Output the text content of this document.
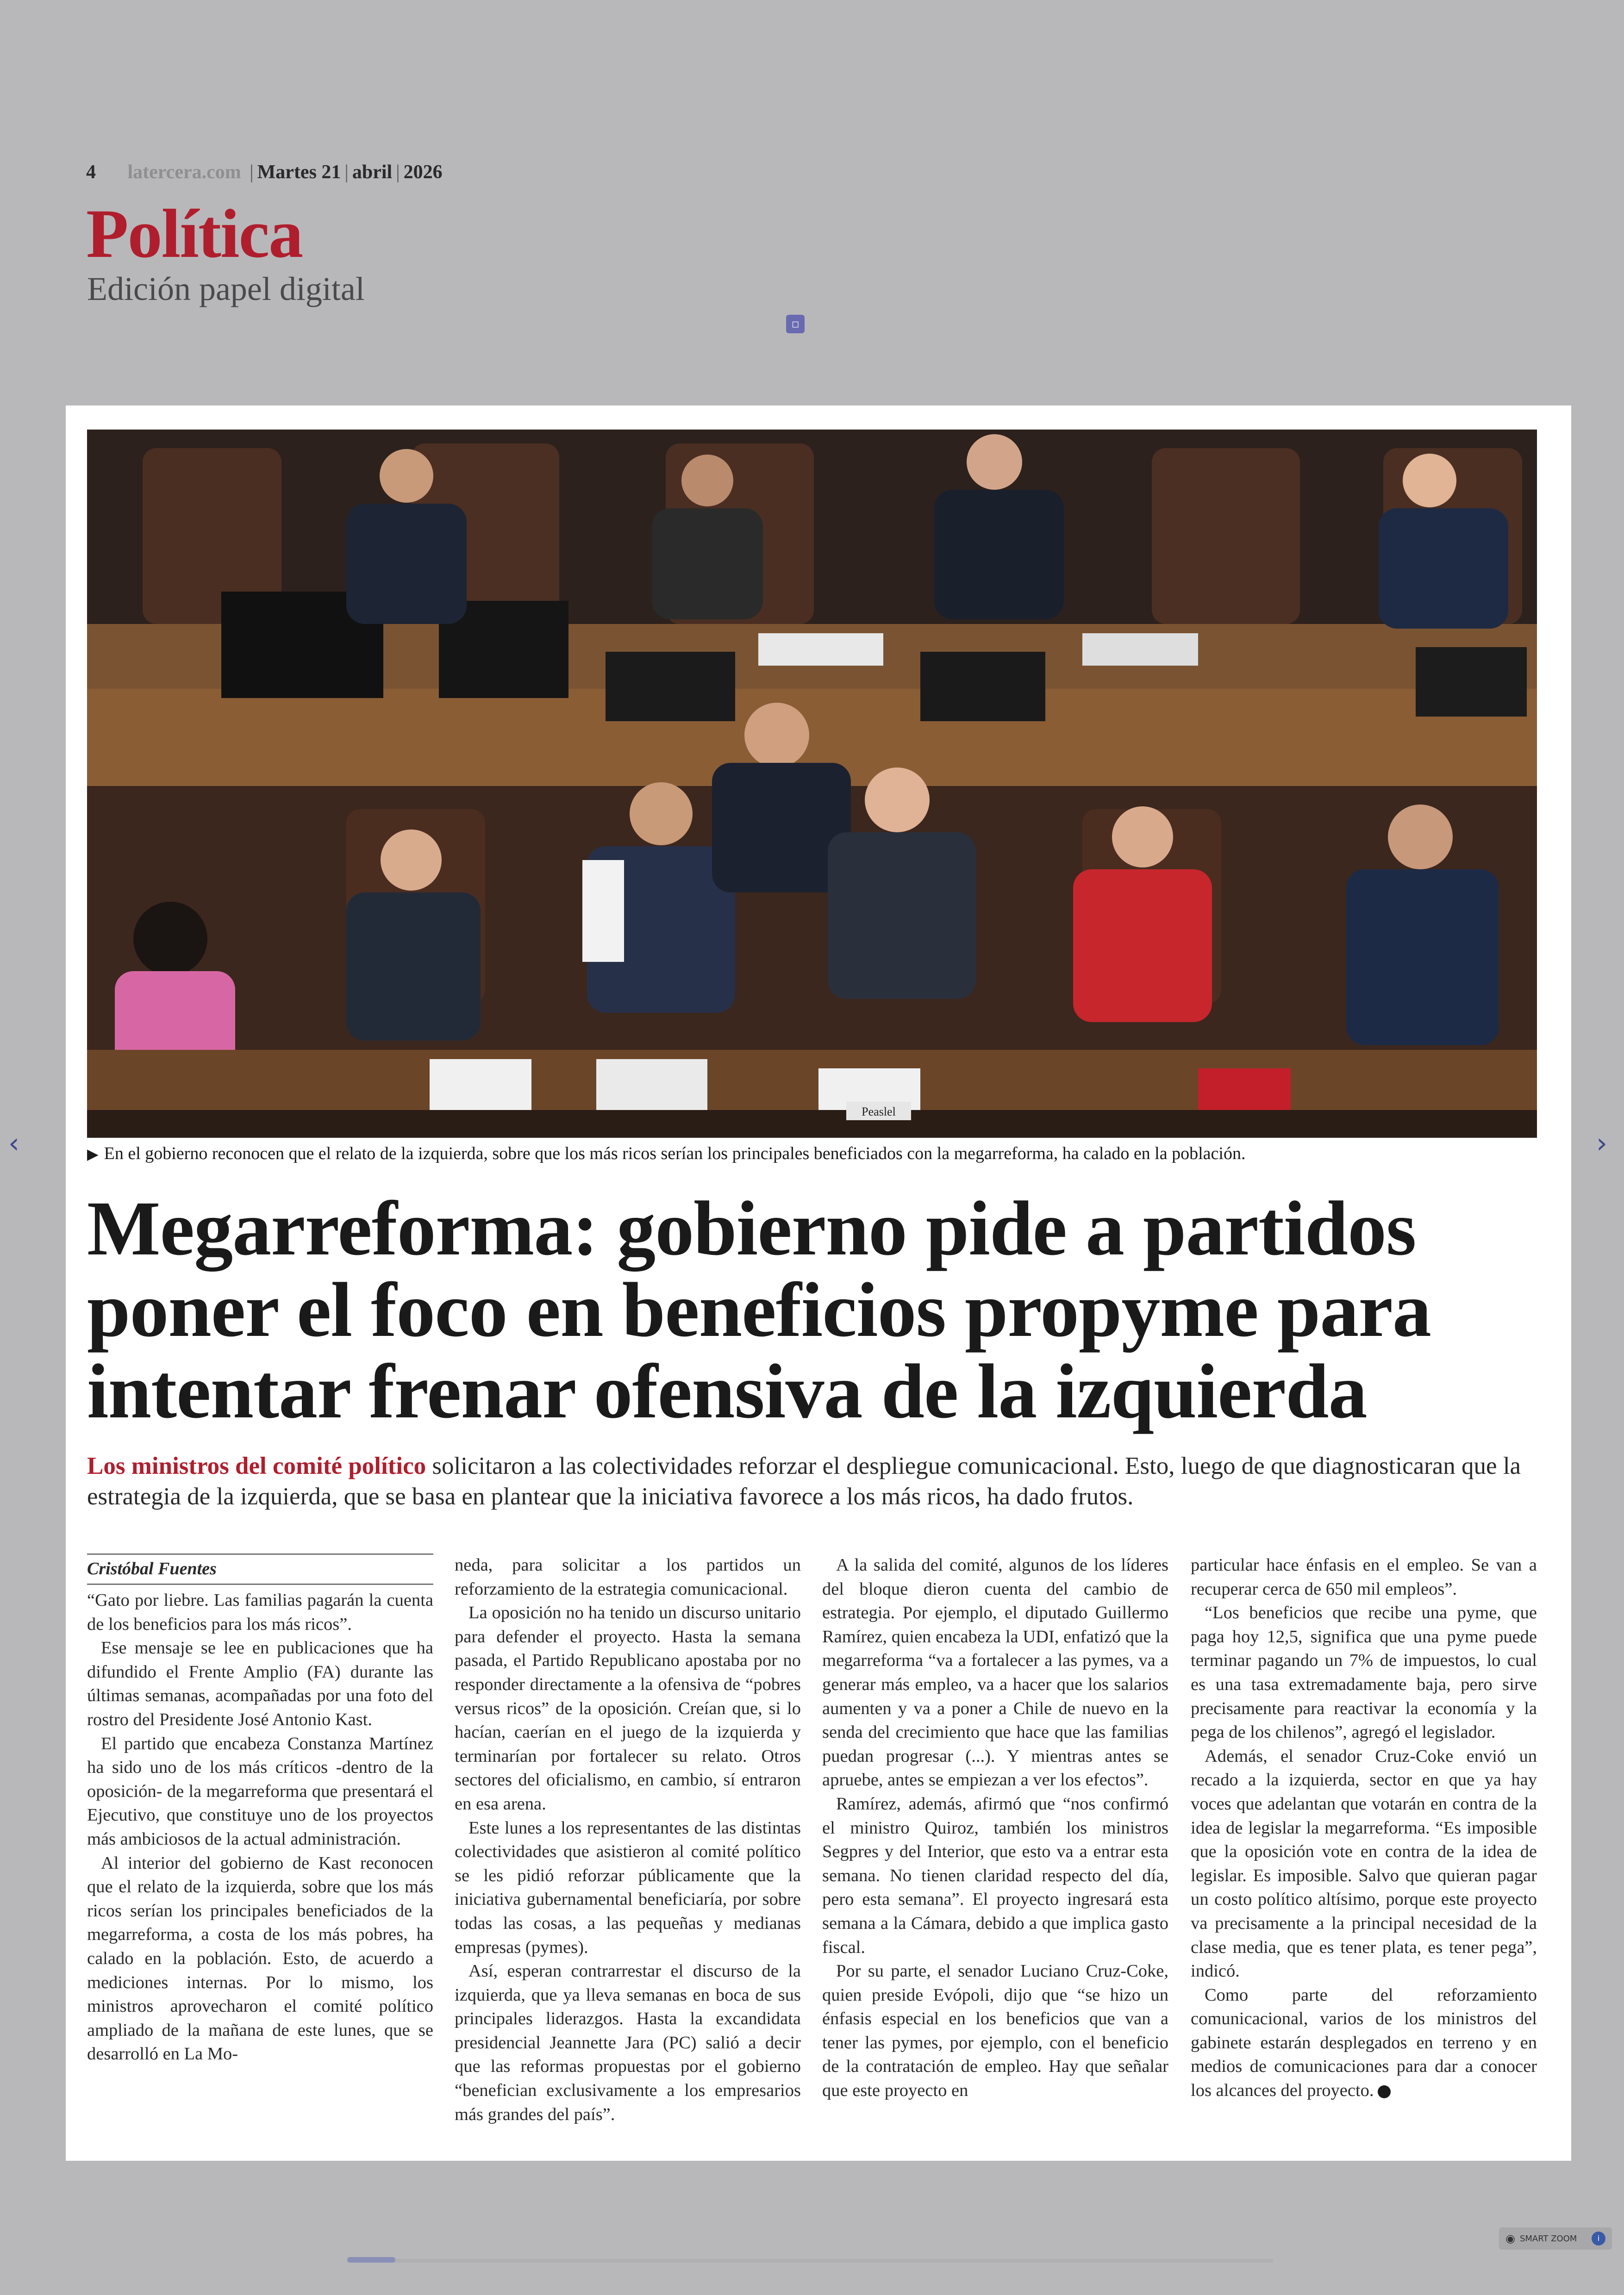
4 latercera.com | Martes 21 | abril | 2026
Política
Edición papel digital
▫
‹	›
Peaslel
▶ En el gobierno reconocen que el relato de la izquierda, sobre que los más ricos serían los principales beneficiados con la megarreforma, ha calado en la población.
Megarreforma: gobierno pide a partidos poner el foco en beneficios propyme para intentar frenar ofensiva de la izquierda
Los ministros del comité político solicitaron a las colectividades reforzar el despliegue comunicacional. Esto, luego de que diagnosticaran que la estrategia de la izquierda, que se basa en plantear que la iniciativa favorece a los más ricos, ha dado frutos.
Cristóbal Fuentes

“Gato por liebre. Las familias pagarán la cuenta de los beneficios para los más ricos”.

Ese mensaje se lee en publicaciones que ha difundido el Frente Amplio (FA) durante las últimas semanas, acompañadas por una foto del rostro del Presidente José Antonio Kast.

El partido que encabeza Constanza Martínez ha sido uno de los más críticos -dentro de la oposición- de la megarreforma que presentará el Ejecutivo, que constituye uno de los proyectos más ambiciosos de la actual administración.

Al interior del gobierno de Kast reconocen que el relato de la izquierda, sobre que los más ricos serían los principales beneficiados de la megarreforma, a costa de los más pobres, ha calado en la población. Esto, de acuerdo a mediciones internas. Por lo mismo, los ministros aprovecharon el comité político ampliado de la mañana de este lunes, que se desarrolló en La Mo-

neda, para solicitar a los partidos un reforzamiento de la estrategia comunicacional.

La oposición no ha tenido un discurso unitario para defender el proyecto. Hasta la semana pasada, el Partido Republicano apostaba por no responder directamente a la ofensiva de “pobres versus ricos” de la oposición. Creían que, si lo hacían, caerían en el juego de la izquierda y terminarían por fortalecer su relato. Otros sectores del oficialismo, en cambio, sí entraron en esa arena.

Este lunes a los representantes de las distintas colectividades que asistieron al comité político se les pidió reforzar públicamente que la iniciativa gubernamental beneficiaría, por sobre todas las cosas, a las pequeñas y medianas empresas (pymes).

Así, esperan contrarrestar el discurso de la izquierda, que ya lleva semanas en boca de sus principales liderazgos. Hasta la excandidata presidencial Jeannette Jara (PC) salió a decir que las reformas propuestas por el gobierno “benefician exclusivamente a los empresarios más grandes del país”.

A la salida del comité, algunos de los líderes del bloque dieron cuenta del cambio de estrategia. Por ejemplo, el diputado Guillermo Ramírez, quien encabeza la UDI, enfatizó que la megarreforma “va a fortalecer a las pymes, va a generar más empleo, va a hacer que los salarios aumenten y va a poner a Chile de nuevo en la senda del crecimiento que hace que las familias puedan progresar (...). Y mientras antes se apruebe, antes se empiezan a ver los efectos”.

Ramírez, además, afirmó que “nos confirmó el ministro Quiroz, también los ministros Segpres y del Interior, que esto va a entrar esta semana. No tienen claridad respecto del día, pero esta semana”. El proyecto ingresará esta semana a la Cámara, debido a que implica gasto fiscal.

Por su parte, el senador Luciano Cruz-Coke, quien preside Evópoli, dijo que “se hizo un énfasis especial en los beneficios que van a tener las pymes, por ejemplo, con el beneficio de la contratación de empleo. Hay que señalar que este proyecto en

particular hace énfasis en el empleo. Se van a recuperar cerca de 650 mil empleos”.

“Los beneficios que recibe una pyme, que paga hoy 12,5, significa que una pyme puede terminar pagando un 7% de impuestos, lo cual es una tasa extremadamente baja, pero sirve precisamente para reactivar la economía y la pega de los chilenos”, agregó el legislador.

Además, el senador Cruz-Coke envió un recado a la izquierda, sector en que ya hay voces que adelantan que votarán en contra de la idea de legislar la megarreforma. “Es imposible que la oposición vote en contra de la idea de legislar. Es imposible. Salvo que quieran pagar un costo político altísimo, porque este proyecto va precisamente a la principal necesidad de la clase media, que es tener plata, es tener pega”, indicó.

Como parte del reforzamiento comunicacional, varios de los ministros del gabinete estarán desplegados en terreno y en medios de comunicaciones para dar a conocer los alcances del proyecto.

◉ SMART ZOOM	i
